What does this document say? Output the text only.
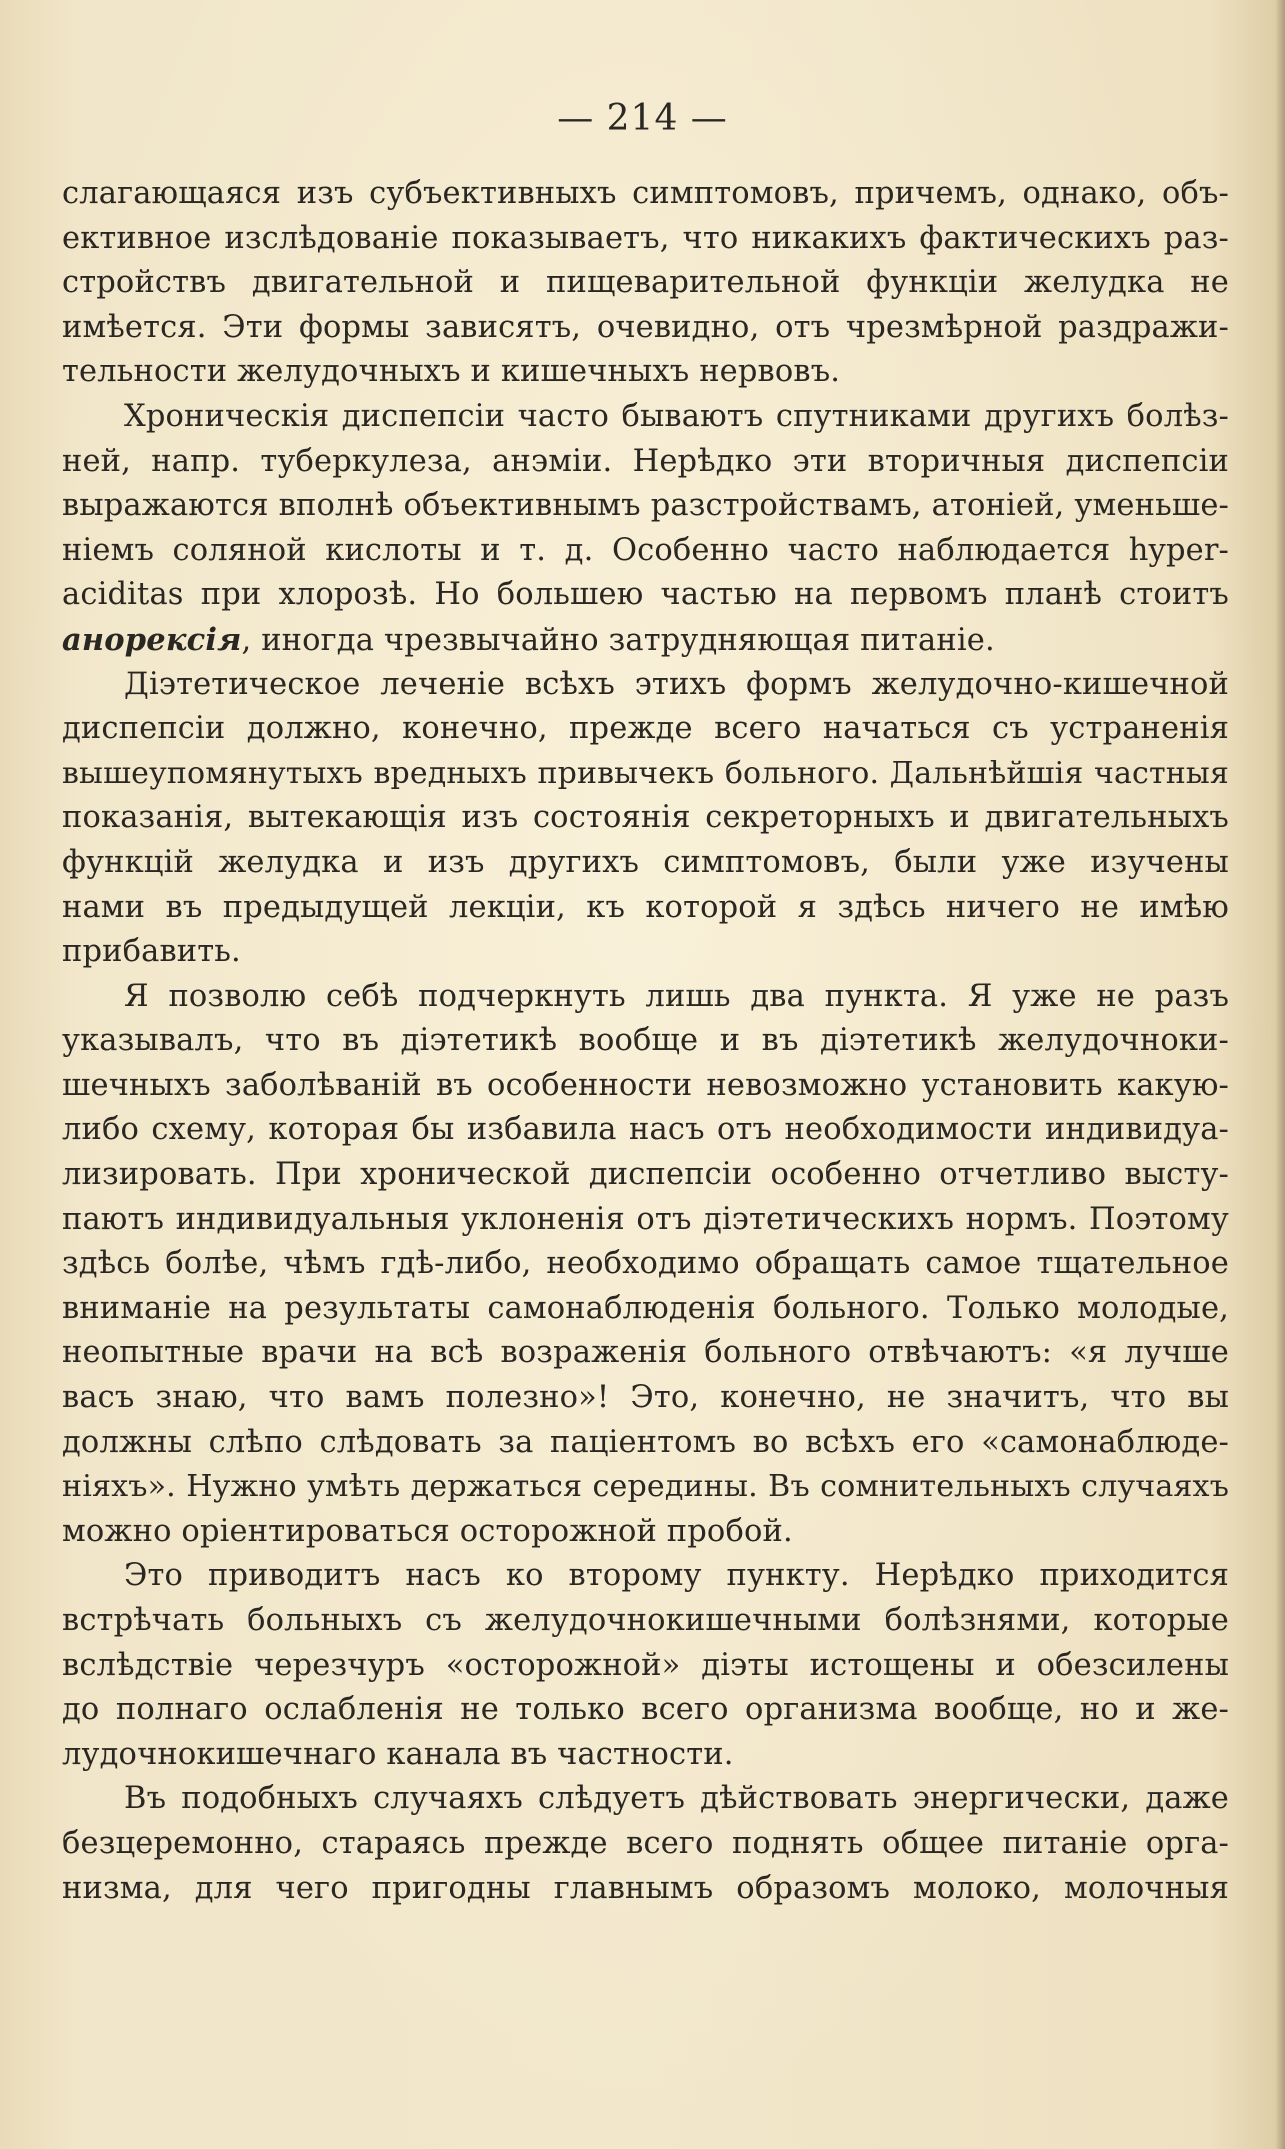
— 214 —
слагающаяся изъ субъективныхъ симптомовъ, причемъ, однако, объ-
ективное изслѣдованіе показываетъ, что никакихъ фактическихъ раз-
стройствъ двигательной и пищеварительной функціи желудка не
имѣется. Эти формы зависятъ, очевидно, отъ чрезмѣрной раздражи-
тельности желудочныхъ и кишечныхъ нервовъ.
Хроническія диспепсіи часто бываютъ спутниками другихъ болѣз-
ней, напр. туберкулеза, анэміи. Нерѣдко эти вторичныя диспепсіи
выражаются вполнѣ объективнымъ разстройствамъ, атоніей, уменьше-
ніемъ соляной кислоты и т. д. Особенно часто наблюдается hyper-
aciditas при хлорозѣ. Но большею частью на первомъ планѣ стоитъ
анорексія, иногда чрезвычайно затрудняющая питаніе.
Діэтетическое леченіе всѣхъ этихъ формъ желудочно-кишечной
диспепсіи должно, конечно, прежде всего начаться съ устраненія
вышеупомянутыхъ вредныхъ привычекъ больного. Дальнѣйшія частныя
показанія, вытекающія изъ состоянія секреторныхъ и двигательныхъ
функцій желудка и изъ другихъ симптомовъ, были уже изучены
нами въ предыдущей лекціи, къ которой я здѣсь ничего не имѣю
прибавить.
Я позволю себѣ подчеркнуть лишь два пункта. Я уже не разъ
указывалъ, что въ діэтетикѣ вообще и въ діэтетикѣ желудочноки-
шечныхъ заболѣваній въ особенности невозможно установить какую-
либо схему, которая бы избавила насъ отъ необходимости индивидуа-
лизировать. При хронической диспепсіи особенно отчетливо высту-
паютъ индивидуальныя уклоненія отъ діэтетическихъ нормъ. Поэтому
здѣсь болѣе, чѣмъ гдѣ-либо, необходимо обращать самое тщательное
вниманіе на результаты самонаблюденія больного. Только молодые,
неопытные врачи на всѣ возраженія больного отвѣчаютъ: «я лучше
васъ знаю, что вамъ полезно»! Это, конечно, не значитъ, что вы
должны слѣпо слѣдовать за паціентомъ во всѣхъ его «самонаблюде-
ніяхъ». Нужно умѣть держаться середины. Въ сомнительныхъ случаяхъ
можно оріентироваться осторожной пробой.
Это приводитъ насъ ко второму пункту. Нерѣдко приходится
встрѣчать больныхъ съ желудочнокишечными болѣзнями, которые
вслѣдствіе черезчуръ «осторожной» діэты истощены и обезсилены
до полнаго ослабленія не только всего организма вообще, но и же-
лудочнокишечнаго канала въ частности.
Въ подобныхъ случаяхъ слѣдуетъ дѣйствовать энергически, даже
безцеремонно, стараясь прежде всего поднять общее питаніе орга-
низма, для чего пригодны главнымъ образомъ молоко, молочныя
